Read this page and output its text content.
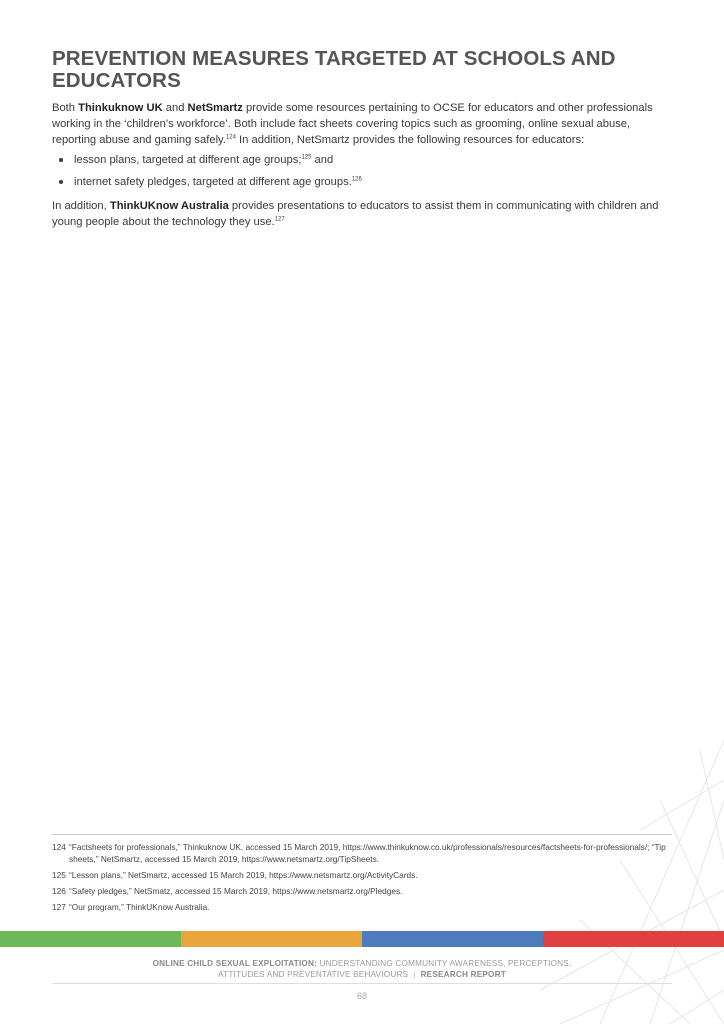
PREVENTION MEASURES TARGETED AT SCHOOLS AND
EDUCATORS

Both Thinkuknow UK and NetSmartz provide some resources pertaining to OCSE for educators and other professionals working in the ‘children’s workforce’. Both include fact sheets covering topics such as grooming, online sexual abuse, reporting abuse and gaming safely.$^{124}$ In addition, NetSmartz provides the following resources for educators:

lesson plans, targeted at different age groups;$^{125}$ and
internet safety pledges, targeted at different age groups.$^{126}$

In addition, ThinkUKnow Australia provides presentations to educators to assist them in communicating with children and young people about the technology they use.$^{127}$

124 “Factsheets for professionals,” Thinkuknow UK, accessed 15 March 2019, https://www.thinkuknow.co.uk/professionals/resources/factsheets-for-professionals/; “Tip sheets,” NetSmartz, accessed 15 March 2019, https://www.netsmartz.org/TipSheets.
125 “Lesson plans,” NetSmartz, accessed 15 March 2019, https://www.netsmartz.org/ActivityCards.
126 “Safety pledges,” NetSmatz, accessed 15 March 2019, https://www.netsmartz.org/Pledges.
127 “Our program,” ThinkUKnow Australia.
ONLINE CHILD SEXUAL EXPLOITATION: UNDERSTANDING COMMUNITY AWARENESS, PERCEPTIONS,
ATTITUDES AND PREVENTATIVE BEHAVIOURS | RESEARCH REPORT
68
